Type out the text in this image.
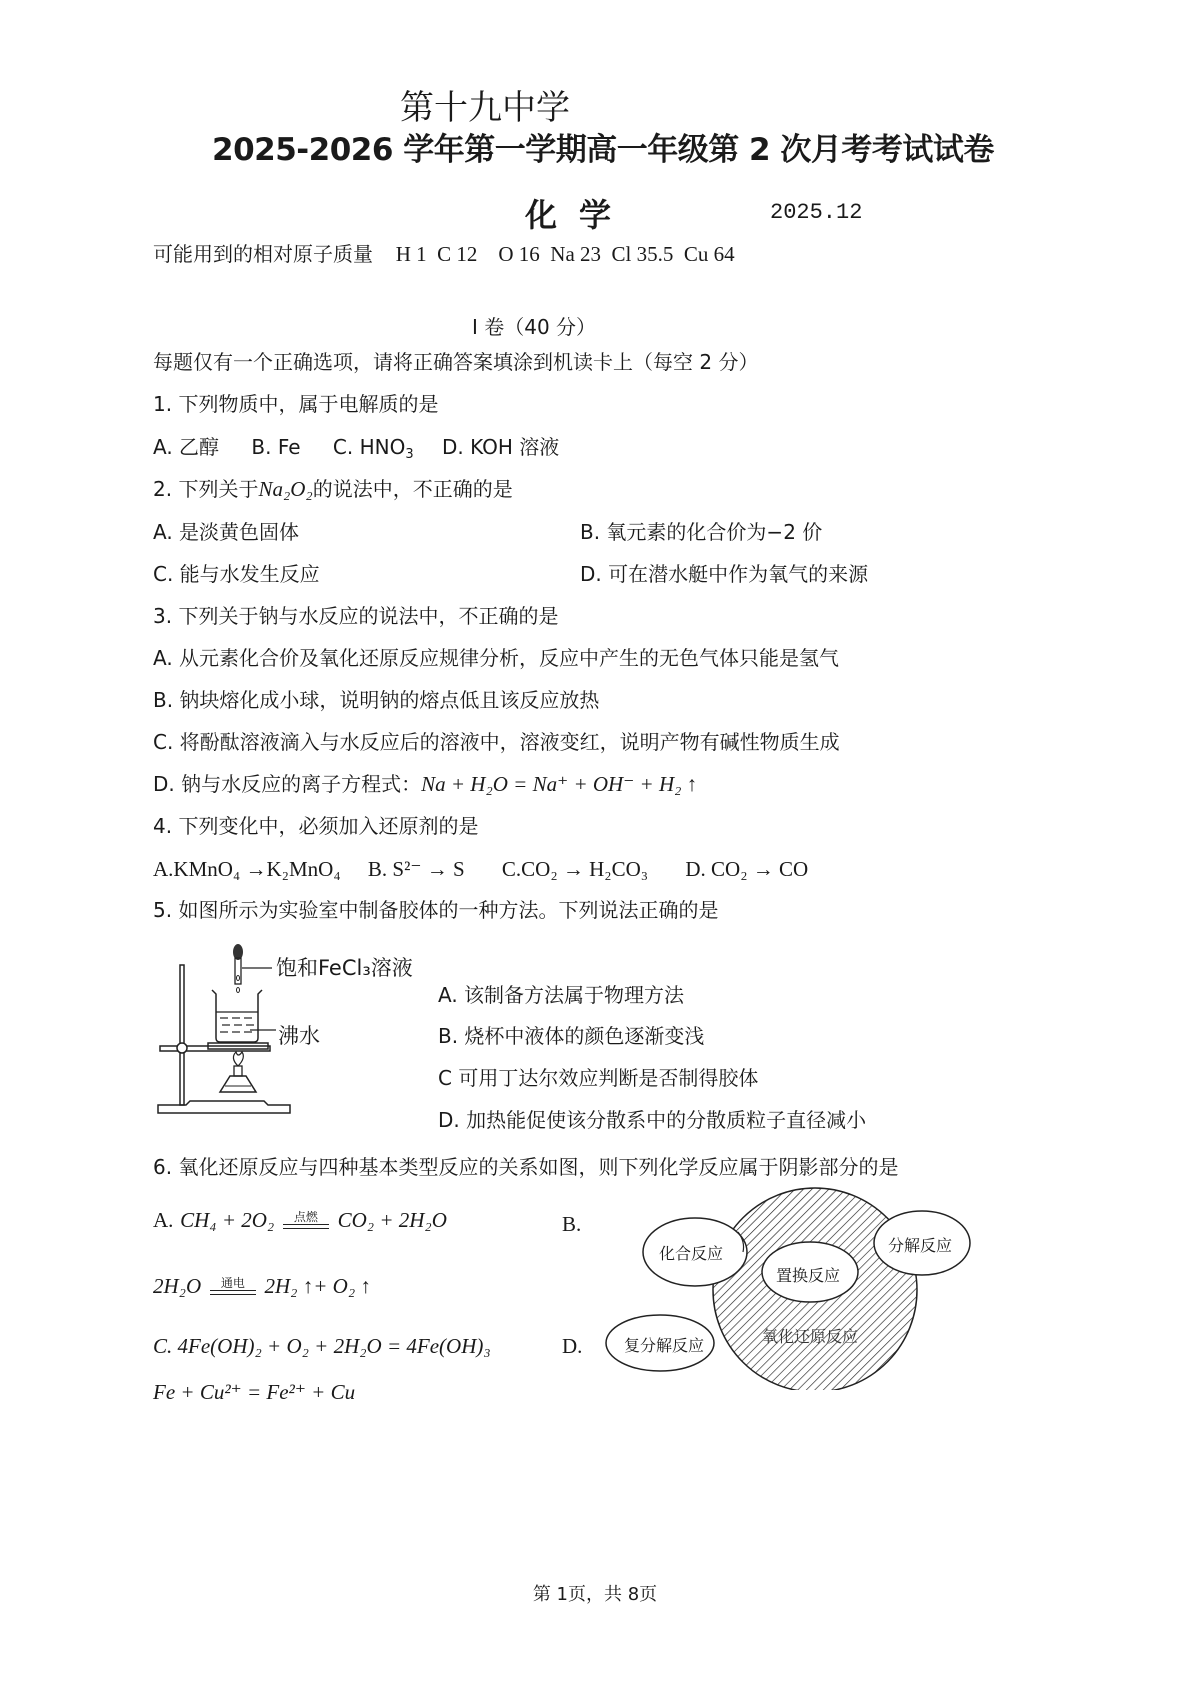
第十九中学
2025-2026 学年第一学期高一年级第 2 次月考考试试卷
化学	2025.12
可能用到的相对原子质量 H 1  C 12    O 16  Na 23  Cl 35.5  Cu 64
I 卷（40 分）
每题仅有一个正确选项，请将正确答案填涂到机读卡上（每空 2 分）
1. 下列物质中，属于电解质的是
A. 乙醇 B. Fe C. $HNO_3$ D. KOH 溶液
2. 下列关于Na₂O₂的说法中，不正确的是
A. 是淡黄色固体	B. 氧元素的化合价为−2 价
C. 能与水发生反应	D. 可在潜水艇中作为氧气的来源
3. 下列关于钠与水反应的说法中，不正确的是
A. 从元素化合价及氧化还原反应规律分析，反应中产生的无色气体只能是氢气
B. 钠块熔化成小球，说明钠的熔点低且该反应放热
C. 将酚酞溶液滴入与水反应后的溶液中，溶液变红，说明产物有碱性物质生成
D. 钠与水反应的离子方程式：Na + H₂O = Na⁺ + OH⁻ + H₂ ↑
4. 下列变化中，必须加入还原剂的是
A.KMnO₄ →K₂MnO₄ B. S²⁻ → S C.CO₂ → H₂CO₃ D. CO₂ → CO
5. 如图所示为实验室中制备胶体的一种方法。下列说法正确的是
饱和FeCl₃溶液
沸水
A. 该制备方法属于物理方法
B. 烧杯中液体的颜色逐渐变浅
C 可用丁达尔效应判断是否制得胶体
D. 加热能促使该分散系中的分散质粒子直径减小
6. 氧化还原反应与四种基本类型反应的关系如图，则下列化学反应属于阴影部分的是
A. CH₄ + 2O₂	点燃 CO₂ + 2H₂O	B.
2H₂O	通电 2H₂ ↑+ O₂ ↑
C. 4Fe(OH)₂ + O₂ + 2H₂O = 4Fe(OH)₃	D.
Fe + Cu²⁺ = Fe²⁺ + Cu
化合反应	分解反应
置换反应
氧化还原反应
复分解反应
第 1页，共 8页
